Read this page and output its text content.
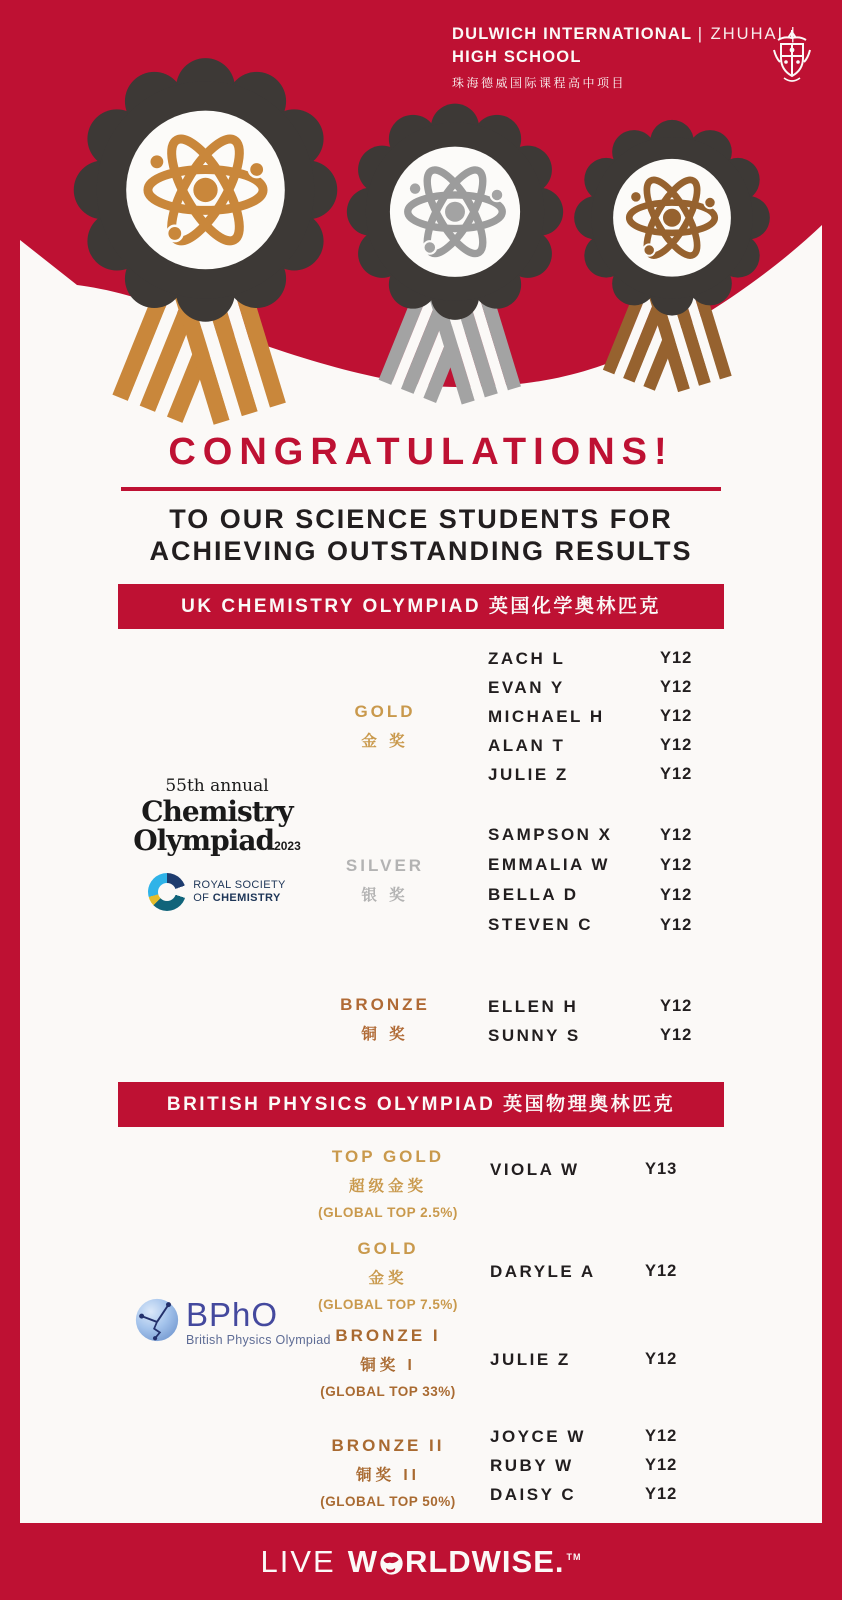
CONGRATULATIONS!
TO OUR SCIENCE STUDENTS FOR
ACHIEVING OUTSTANDING RESULTS
UK CHEMISTRY OLYMPIAD 英国化学奥林匹克
GOLD
金 奖
ZACH L	Y12
EVAN Y	Y12
MICHAEL H	Y12
ALAN T	Y12
JULIE Z	Y12
SILVER
银 奖
SAMPSON X	Y12
EMMALIA W	Y12
BELLA D	Y12
STEVEN C	Y12
BRONZE
铜 奖
ELLEN H	Y12
SUNNY S	Y12
55th annual
Chemistry
Olympiad2023
ROYAL SOCIETY
OF CHEMISTRY
BRITISH PHYSICS OLYMPIAD 英国物理奥林匹克
TOP GOLD
超级金奖
(GLOBAL TOP 2.5%)
VIOLA W	Y13
GOLD
金奖
(GLOBAL TOP 7.5%)
DARYLE A	Y12
BRONZE I
铜奖 I
(GLOBAL TOP 33%)
JULIE Z	Y12
BRONZE II
铜奖 II
(GLOBAL TOP 50%)
JOYCE W	Y12
RUBY W	Y12
DAISY C	Y12
BPhO
British Physics Olympiad
DULWICH INTERNATIONAL | ZHUHAI |
HIGH SCHOOL
珠海德威国际课程高中项目
LIVE W RLDWISE. TM
